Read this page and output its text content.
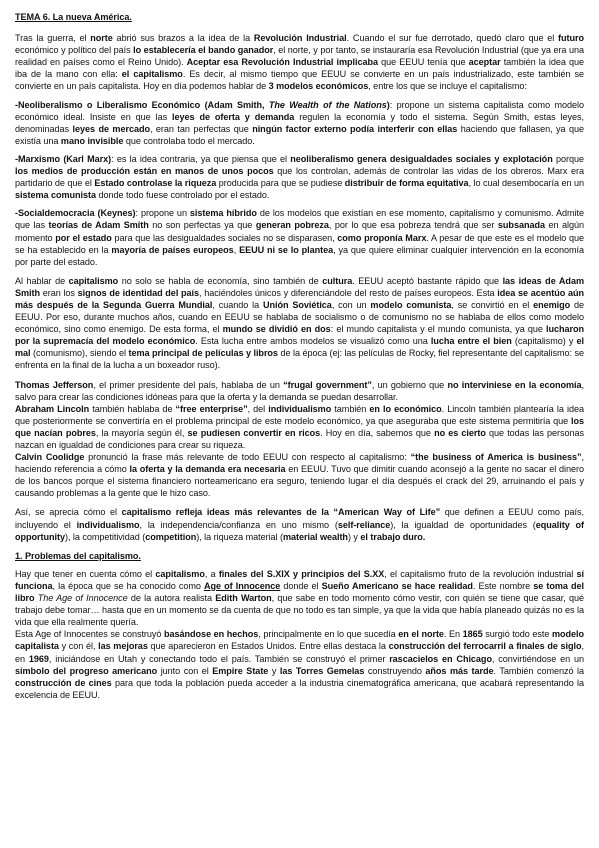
TEMA 6. La nueva América.

Tras la guerra, el norte abrió sus brazos a la idea de la Revolución Industrial. Cuando el sur fue derrotado, quedó claro que el futuro económico y político del país lo establecería el bando ganador, el norte, y por tanto, se instauraría esa Revolución Industrial (que ya era una realidad en países como el Reino Unido). Aceptar esa Revolución Industrial implicaba que EEUU tenía que aceptar también la idea que iba de la mano con ella: el capitalismo. Es decir, al mismo tiempo que EEUU se convierte en un país industrializado, este también se convierte en un país capitalista. Hoy en día podemos hablar de 3 modelos económicos, entre los que se incluye el capitalismo:

-Neoliberalismo o Liberalismo Económico (Adam Smith, The Wealth of the Nations): propone un sistema capitalista como modelo económico ideal. Insiste en que las leyes de oferta y demanda regulen la economía y todo el sistema. Según Smith, estas leyes, denominadas leyes de mercado, eran tan perfectas que ningún factor externo podía interferir con ellas haciendo que fallasen, ya que existía una mano invisible que controlaba todo el mercado.

-Marxismo (Karl Marx): es la idea contraria, ya que piensa que el neoliberalismo genera desigualdades sociales y explotación porque los medios de producción están en manos de unos pocos que los controlan, además de controlar las vidas de los obreros. Marx era partidario de que el Estado controlase la riqueza producida para que se pudiese distribuir de forma equitativa, lo cual desembocaría en un sistema comunista donde todo fuese controlado por el estado.

-Socialdemocracia (Keynes): propone un sistema híbrido de los modelos que existían en ese momento, capitalismo y comunismo. Admite que las teorías de Adam Smith no son perfectas ya que generan pobreza, por lo que esa pobreza tendrá que ser subsanada en algún momento por el estado para que las desigualdades sociales no se disparasen, como proponía Marx. A pesar de que este es el modelo que se ha establecido en la mayoría de países europeos, EEUU ni se lo plantea, ya que quiere eliminar cualquier intervención en la economía por parte del estado.

Al hablar de capitalismo no solo se habla de economía, sino también de cultura. EEUU aceptó bastante rápido que las ideas de Adam Smith eran los signos de identidad del país, haciéndoles únicos y diferenciándole del resto de países europeos. Esta idea se acentúo aún más después de la Segunda Guerra Mundial, cuando la Unión Soviética, con un modelo comunista, se convirtió en el enemigo de EEUU. Por eso, durante muchos años, cuando en EEUU se hablaba de socialismo o de comunismo no se hablaba de ellos como modelo económico, sino como enemigo. De esta forma, el mundo se dividió en dos: el mundo capitalista y el mundo comunista, ya que lucharon por la supremacía del modelo económico. Esta lucha entre ambos modelos se visualizó como una lucha entre el bien (capitalismo) y el mal (comunismo), siendo el tema principal de películas y libros de la época (ej: las películas de Rocky, fiel representante del capitalismo: se enfrenta en la final de la lucha a un boxeador ruso).

Thomas Jefferson, el primer presidente del país, hablaba de un “frugal government”, un gobierno que no interviniese en la economía, salvo para crear las condiciones idóneas para que la oferta y la demanda se puedan desarrollar.

Abraham Lincoln también hablaba de “free enterprise”, del individualismo también en lo económico. Lincoln también plantearía la idea que posteriormente se convertiría en el problema principal de este modelo económico, ya que aseguraba que este sistema permitiría que los que nacían pobres, la mayoría según él, se pudiesen convertir en ricos. Hoy en día, sabemos que no es cierto que todas las personas nazcan en igualdad de condiciones para crear su riqueza.

Calvin Coolidge pronunció la frase más relevante de todo EEUU con respecto al capitalismo: “the business of America is business”, haciendo referencia a cómo la oferta y la demanda era necesaria en EEUU. Tuvo que dimitir cuando aconsejó a la gente no sacar el dinero de los bancos porque el sistema financiero norteamericano era seguro, teniendo lugar el día después el crack del 29, arruinando el país y causando problemas a la gente que le hizo caso.

Así, se aprecia cómo el capitalismo refleja ideas más relevantes de la “American Way of Life” que definen a EEUU como país, incluyendo el individualismo, la independencia/confianza en uno mismo (self-reliance), la igualdad de oportunidades (equality of opportunity), la competitividad (competition), la riqueza material (material wealth) y el trabajo duro.

1. Problemas del capitalismo.

Hay que tener en cuenta cómo el capitalismo, a finales del S.XIX y principios del S.XX, el capitalismo fruto de la revolución industrial sí funciona, la época que se ha conocido como Age of Innocence donde el Sueño Americano se hace realidad. Este nombre se toma del libro The Age of Innocence de la autora realista Edith Warton, que sabe en todo momento cómo vestir, con quién se tiene que casar, qué trabajo debe tomar… hasta que en un momento se da cuenta de que no todo es tan simple, ya que la vida que había planeado quizás no es la vida que ella realmente quería.

Esta Age of Innocentes se construyó basándose en hechos, principalmente en lo que sucedía en el norte. En 1865 surgió todo este modelo capitalista y con él, las mejoras que aparecieron en Estados Unidos. Entre ellas destaca la construcción del ferrocarril a finales de siglo, en 1969, iniciándose en Utah y conectando todo el país. También se construyó el primer rascacielos en Chicago, convirtiéndose en un símbolo del progreso americano junto con el Empire State y las Torres Gemelas construyendo años más tarde. También comenzó la construcción de cines para que toda la población pueda acceder a la industria cinematográfica americana, que acabará representando la excelencia de EEUU.
